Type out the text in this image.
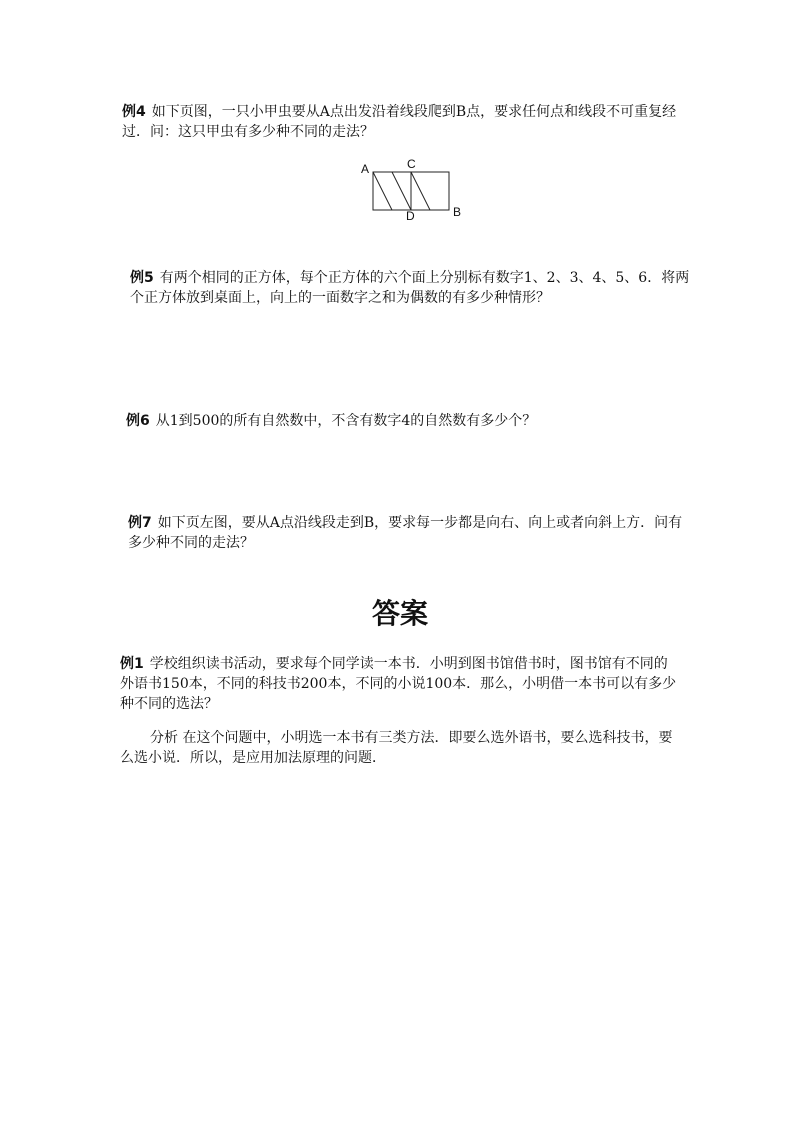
例4 如下页图，一只小甲虫要从A点出发沿着线段爬到B点，要求任何点和线段不可重复经过．问：这只甲虫有多少种不同的走法？

A	C
D	B

例5 有两个相同的正方体，每个正方体的六个面上分别标有数字1、2、3、4、5、6．将两个正方体放到桌面上，向上的一面数字之和为偶数的有多少种情形？

例6 从1到500的所有自然数中，不含有数字4的自然数有多少个？

例7 如下页左图，要从A点沿线段走到B，要求每一步都是向右、向上或者向斜上方．问有多少种不同的走法？

答案

例1 学校组织读书活动，要求每个同学读一本书．小明到图书馆借书时，图书馆有不同的外语书150本，不同的科技书200本，不同的小说100本．那么，小明借一本书可以有多少种不同的选法？

分析 在这个问题中，小明选一本书有三类方法．即要么选外语书，要么选科技书，要么选小说．所以，是应用加法原理的问题．
